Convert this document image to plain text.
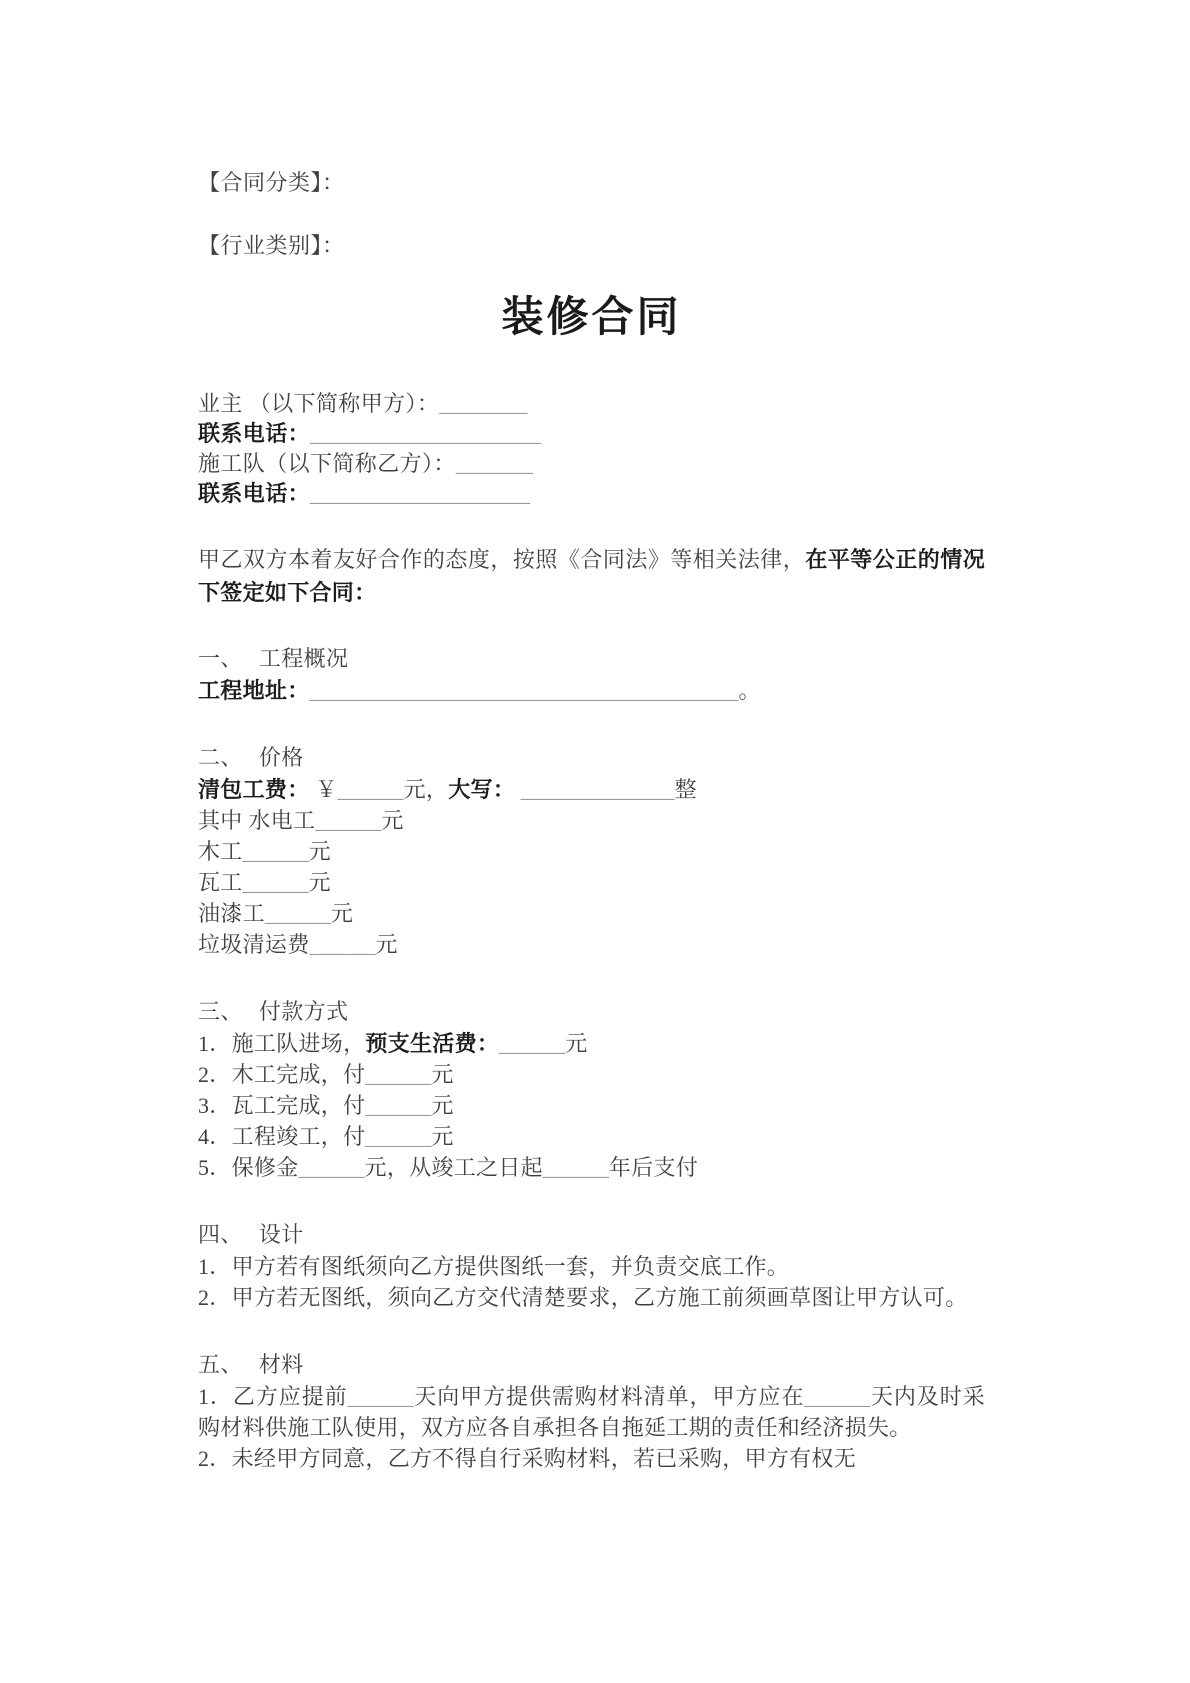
【合同分类】：

【行业类别】：

装修合同

业主 （以下简称甲方）：________

联系电话：_____________________

施工队（以下简称乙方）：_______

联系电话：____________________

甲乙双方本着友好合作的态度，按照《合同法》等相关法律，在平等公正的情况下签定如下合同：

一、 工程概况

工程地址：_______________________________________。

二、 价格

清包工费： ￥______元，大写： ______________整

其中 水电工______元

木工______元

瓦工______元

油漆工______元

垃圾清运费______元

三、 付款方式

1．施工队进场，预支生活费：______元

2．木工完成，付______元

3．瓦工完成，付______元

4．工程竣工，付______元

5．保修金______元，从竣工之日起______年后支付

四、 设计

1．甲方若有图纸须向乙方提供图纸一套，并负责交底工作。

2．甲方若无图纸，须向乙方交代清楚要求，乙方施工前须画草图让甲方认可。

五、 材料

1．乙方应提前______天向甲方提供需购材料清单，甲方应在______天内及时采购材料供施工队使用，双方应各自承担各自拖延工期的责任和经济损失。

2．未经甲方同意，乙方不得自行采购材料，若已采购，甲方有权无
